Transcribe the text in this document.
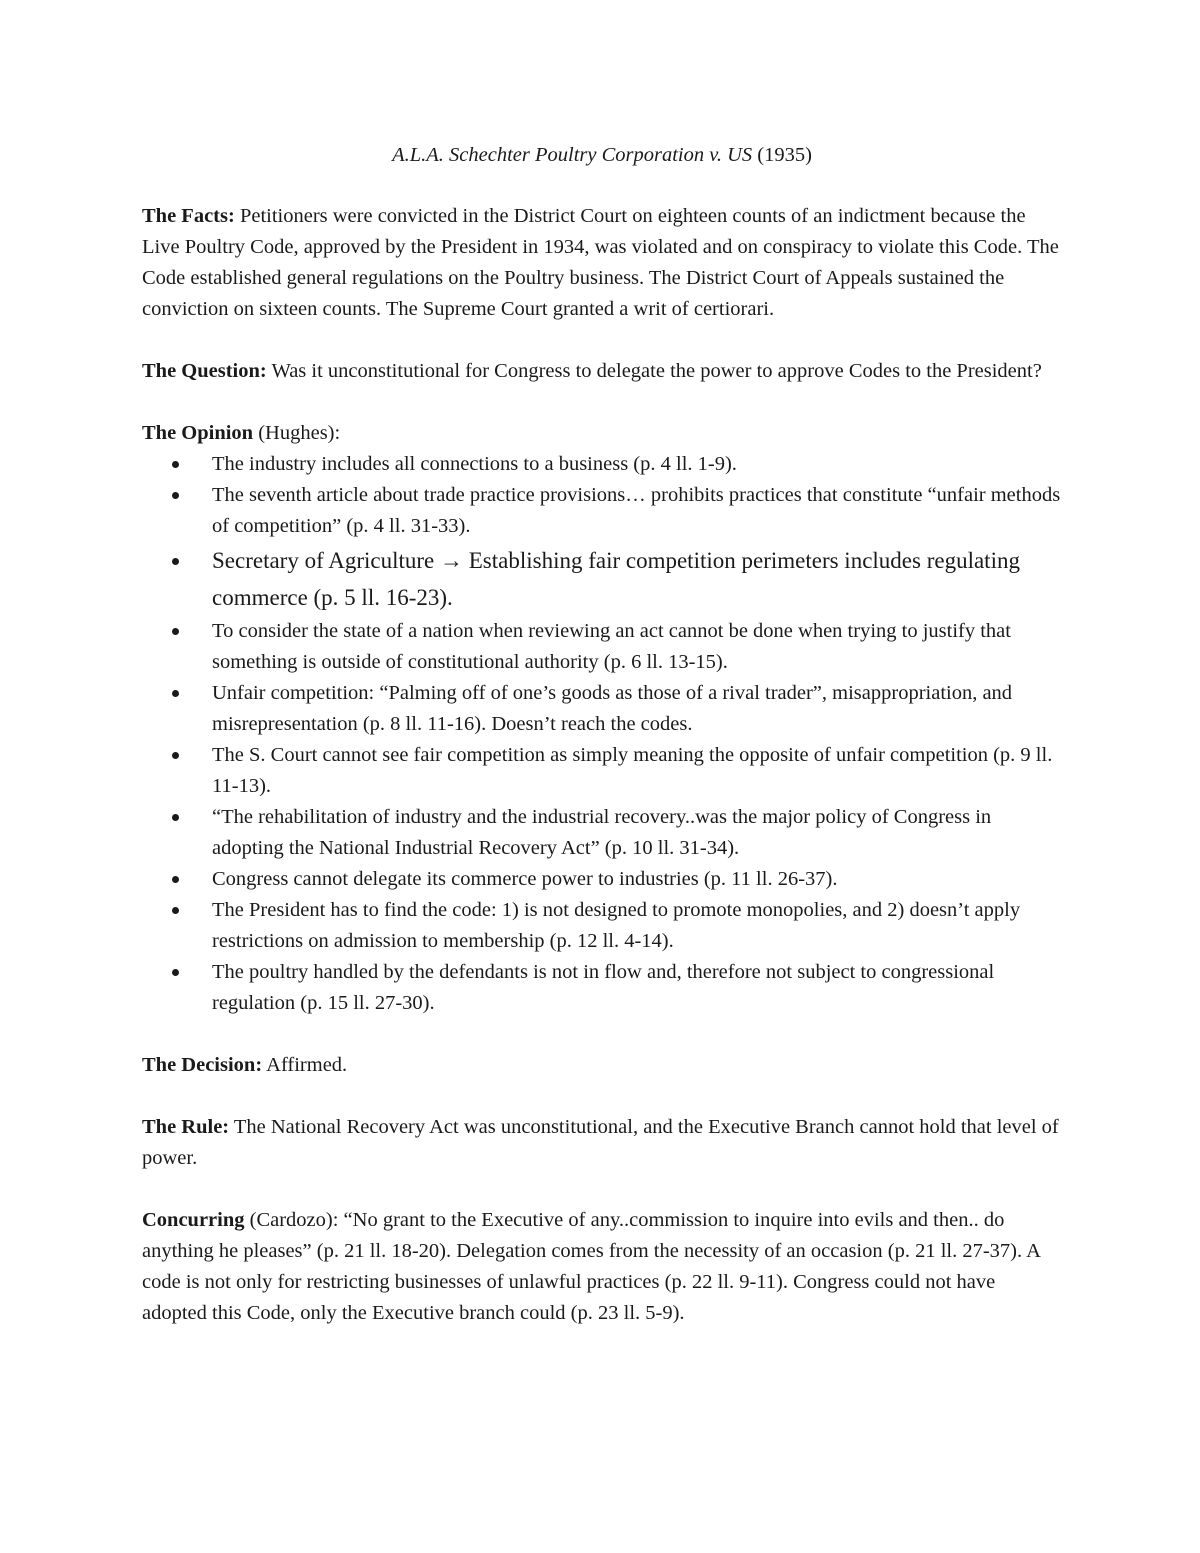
A.L.A. Schechter Poultry Corporation v. US (1935)

The Facts: Petitioners were convicted in the District Court on eighteen counts of an indictment because the Live Poultry Code, approved by the President in 1934, was violated and on conspiracy to violate this Code. The Code established general regulations on the Poultry business. The District Court of Appeals sustained the conviction on sixteen counts. The Supreme Court granted a writ of certiorari.

The Question: Was it unconstitutional for Congress to delegate the power to approve Codes to the President?

The Opinion (Hughes):
The industry includes all connections to a business (p. 4 ll. 1-9).
The seventh article about trade practice provisions… prohibits practices that constitute “unfair methods of competition” (p. 4 ll. 31-33).
Secretary of Agriculture → Establishing fair competition perimeters includes regulating commerce (p. 5 ll. 16-23).
To consider the state of a nation when reviewing an act cannot be done when trying to justify that something is outside of constitutional authority (p. 6 ll. 13-15).
Unfair competition: “Palming off of one’s goods as those of a rival trader”, misappropriation, and misrepresentation (p. 8 ll. 11-16). Doesn’t reach the codes.
The S. Court cannot see fair competition as simply meaning the opposite of unfair competition (p. 9 ll. 11-13).
“The rehabilitation of industry and the industrial recovery..was the major policy of Congress in adopting the National Industrial Recovery Act” (p. 10 ll. 31-34).
Congress cannot delegate its commerce power to industries (p. 11 ll. 26-37).
The President has to find the code: 1) is not designed to promote monopolies, and 2) doesn’t apply restrictions on admission to membership (p. 12 ll. 4-14).
The poultry handled by the defendants is not in flow and, therefore not subject to congressional regulation (p. 15 ll. 27-30).

The Decision: Affirmed.

The Rule: The National Recovery Act was unconstitutional, and the Executive Branch cannot hold that level of power.

Concurring (Cardozo): “No grant to the Executive of any..commission to inquire into evils and then.. do anything he pleases” (p. 21 ll. 18-20). Delegation comes from the necessity of an occasion (p. 21 ll. 27-37). A code is not only for restricting businesses of unlawful practices (p. 22 ll. 9-11). Congress could not have adopted this Code, only the Executive branch could (p. 23 ll. 5-9).
